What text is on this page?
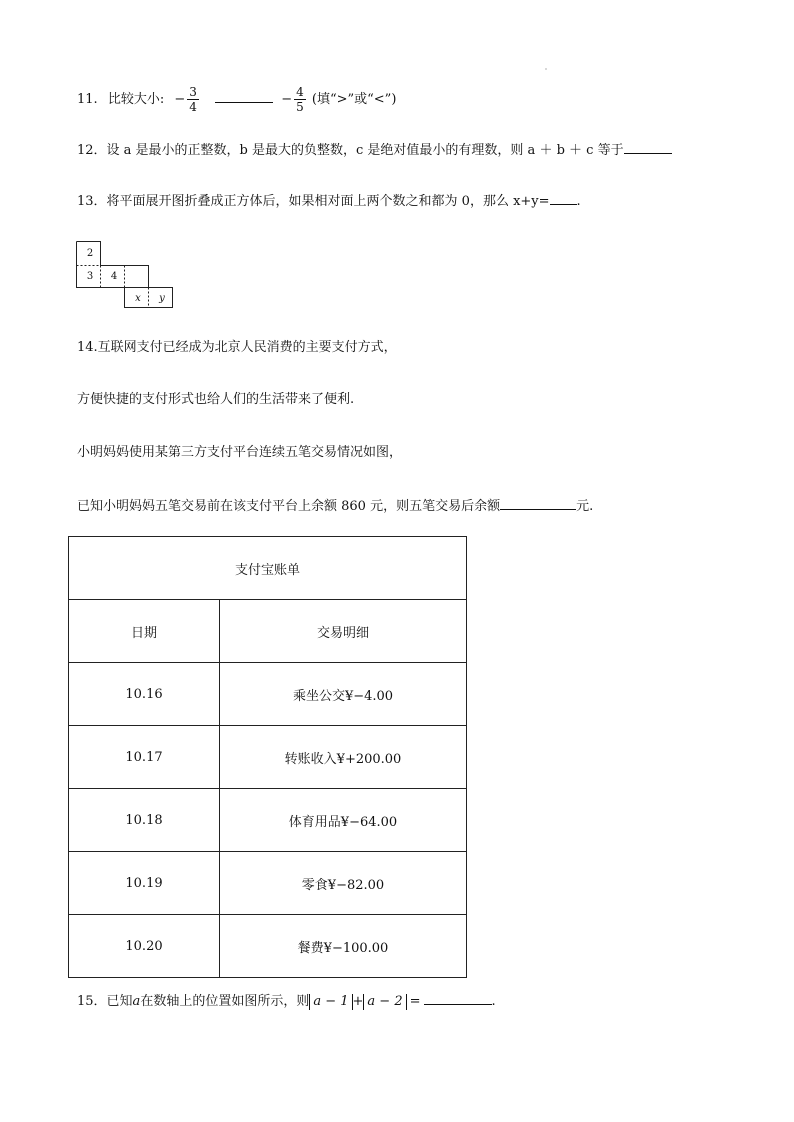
11. 比较大小: − $\frac{3}{4}$	− $\frac{4}{5}$ (填“>”或“<”)
12．设 a 是最小的正整数，b 是最大的负整数，c 是绝对值最小的有理数，则 a ＋ b ＋ c 等于
13．将平面展开图折叠成正方体后，如果相对面上两个数之和都为 0，那么 x+y= .
2
3	4
x	y
14.互联网支付已经成为北京人民消费的主要支付方式，
方便快捷的支付形式也给人们的生活带来了便利.
小明妈妈使用某第三方支付平台连续五笔交易情况如图，
已知小明妈妈五笔交易前在该支付平台上余额 860 元，则五笔交易后余额	元.
支付宝账单	
日期	交易明细
10.16	乘坐公交¥−4.00
10.17	转账收入¥+200.00
10.18	体育用品¥−64.00
10.19	零食¥−82.00
10.20	餐费¥−100.00
15．已知a在数轴上的位置如图所示，则 a − 1 + a − 2 =	.
